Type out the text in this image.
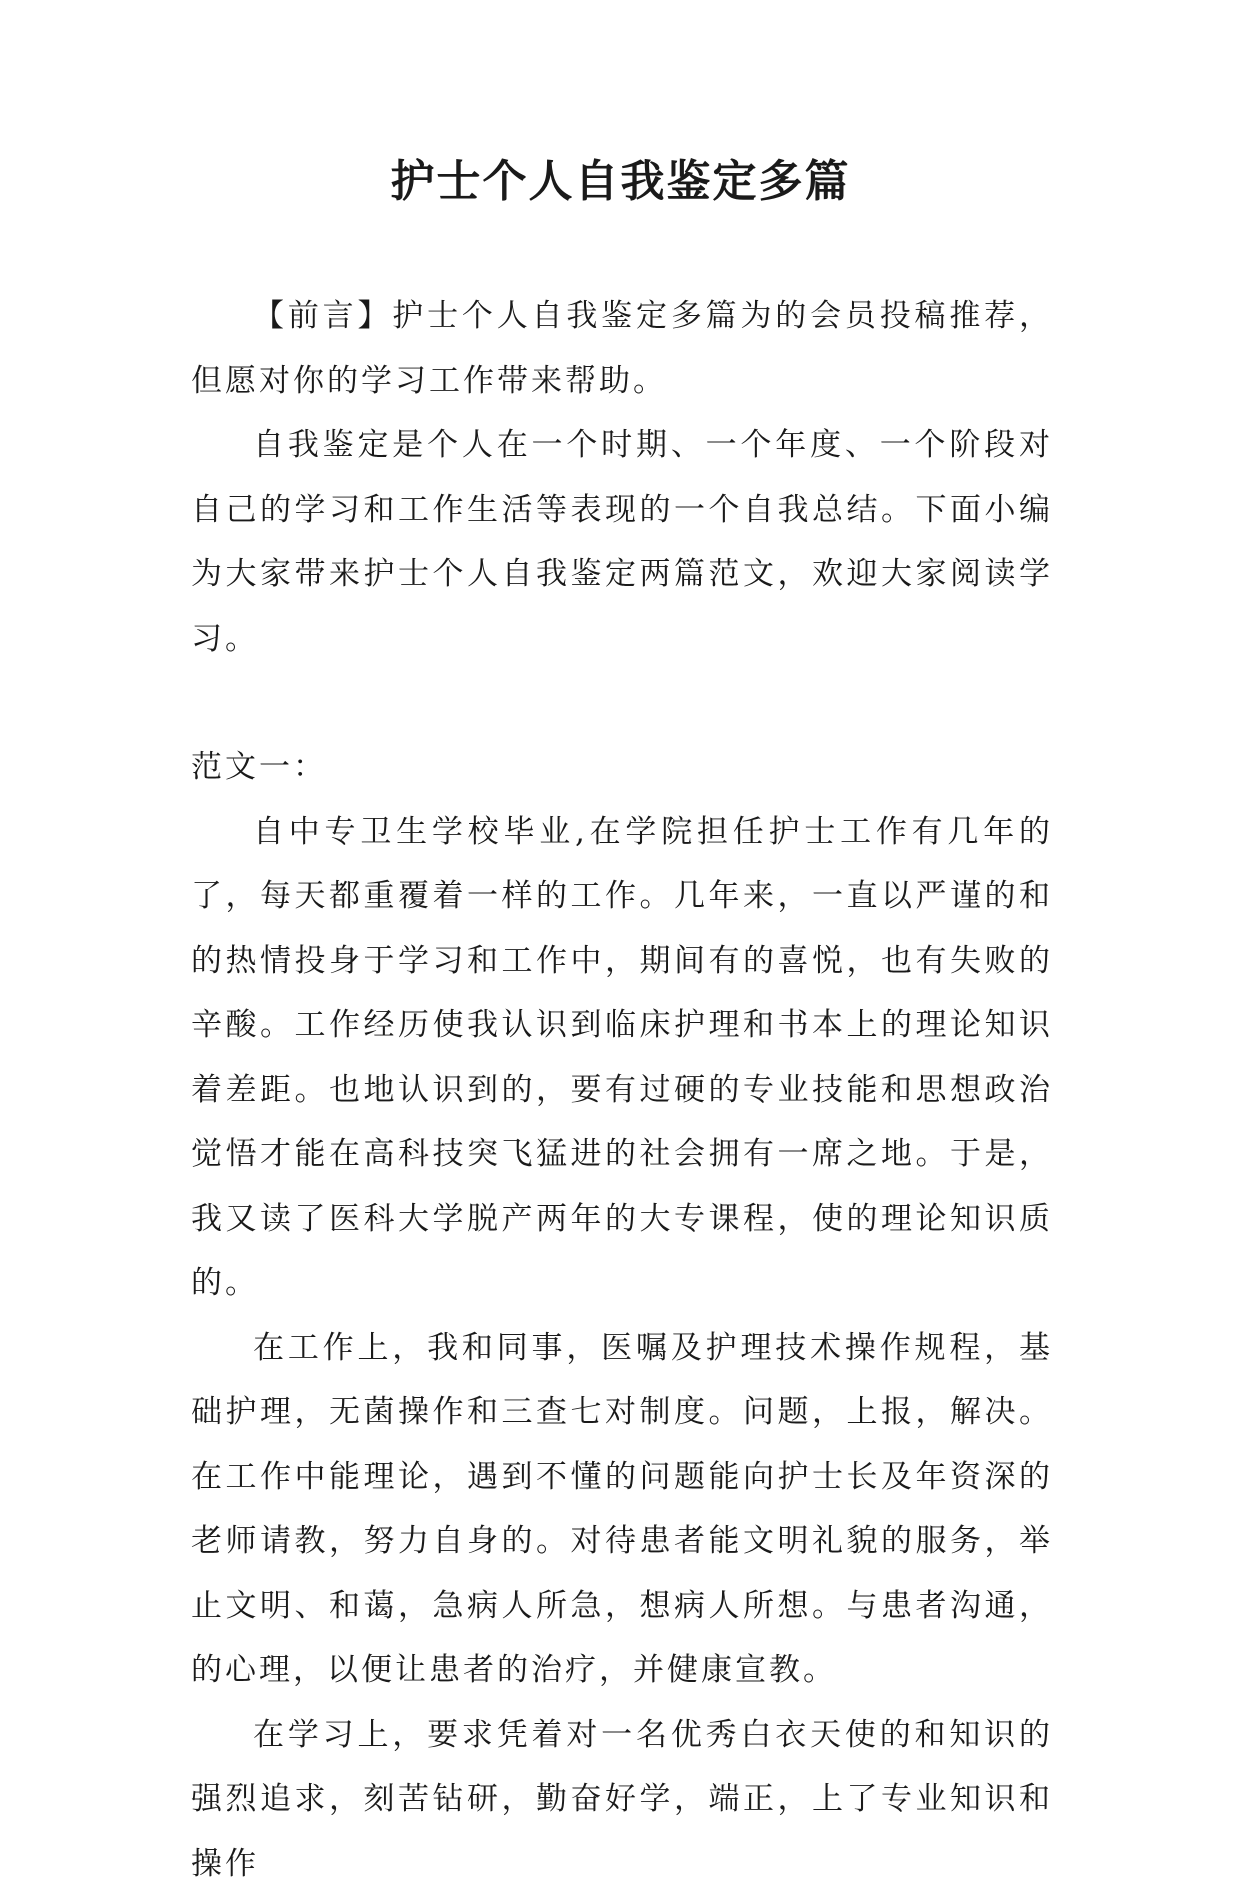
护士个人自我鉴定多篇

【前言】护士个人自我鉴定多篇为的会员投稿推荐，但愿对你的学习工作带来帮助。

自我鉴定是个人在一个时期、一个年度、一个阶段对自己的学习和工作生活等表现的一个自我总结。下面小编为大家带来护士个人自我鉴定两篇范文，欢迎大家阅读学习。

范文一：

自中专卫生学校毕业,在学院担任护士工作有几年的了，每天都重覆着一样的工作。几年来，一直以严谨的和的热情投身于学习和工作中，期间有的喜悦，也有失败的辛酸。工作经历使我认识到临床护理和书本上的理论知识着差距。也地认识到的，要有过硬的专业技能和思想政治觉悟才能在高科技突飞猛进的社会拥有一席之地。于是，我又读了医科大学脱产两年的大专课程，使的理论知识质的。

在工作上，我和同事，医嘱及护理技术操作规程，基础护理，无菌操作和三查七对制度。问题，上报，解决。在工作中能理论，遇到不懂的问题能向护士长及年资深的老师请教，努力自身的。对待患者能文明礼貌的服务，举止文明、和蔼，急病人所急，想病人所想。与患者沟通，的心理，以便让患者的治疗，并健康宣教。

在学习上，要求凭着对一名优秀白衣天使的和知识的强烈追求，刻苦钻研，勤奋好学，端正，上了专业知识和操作
